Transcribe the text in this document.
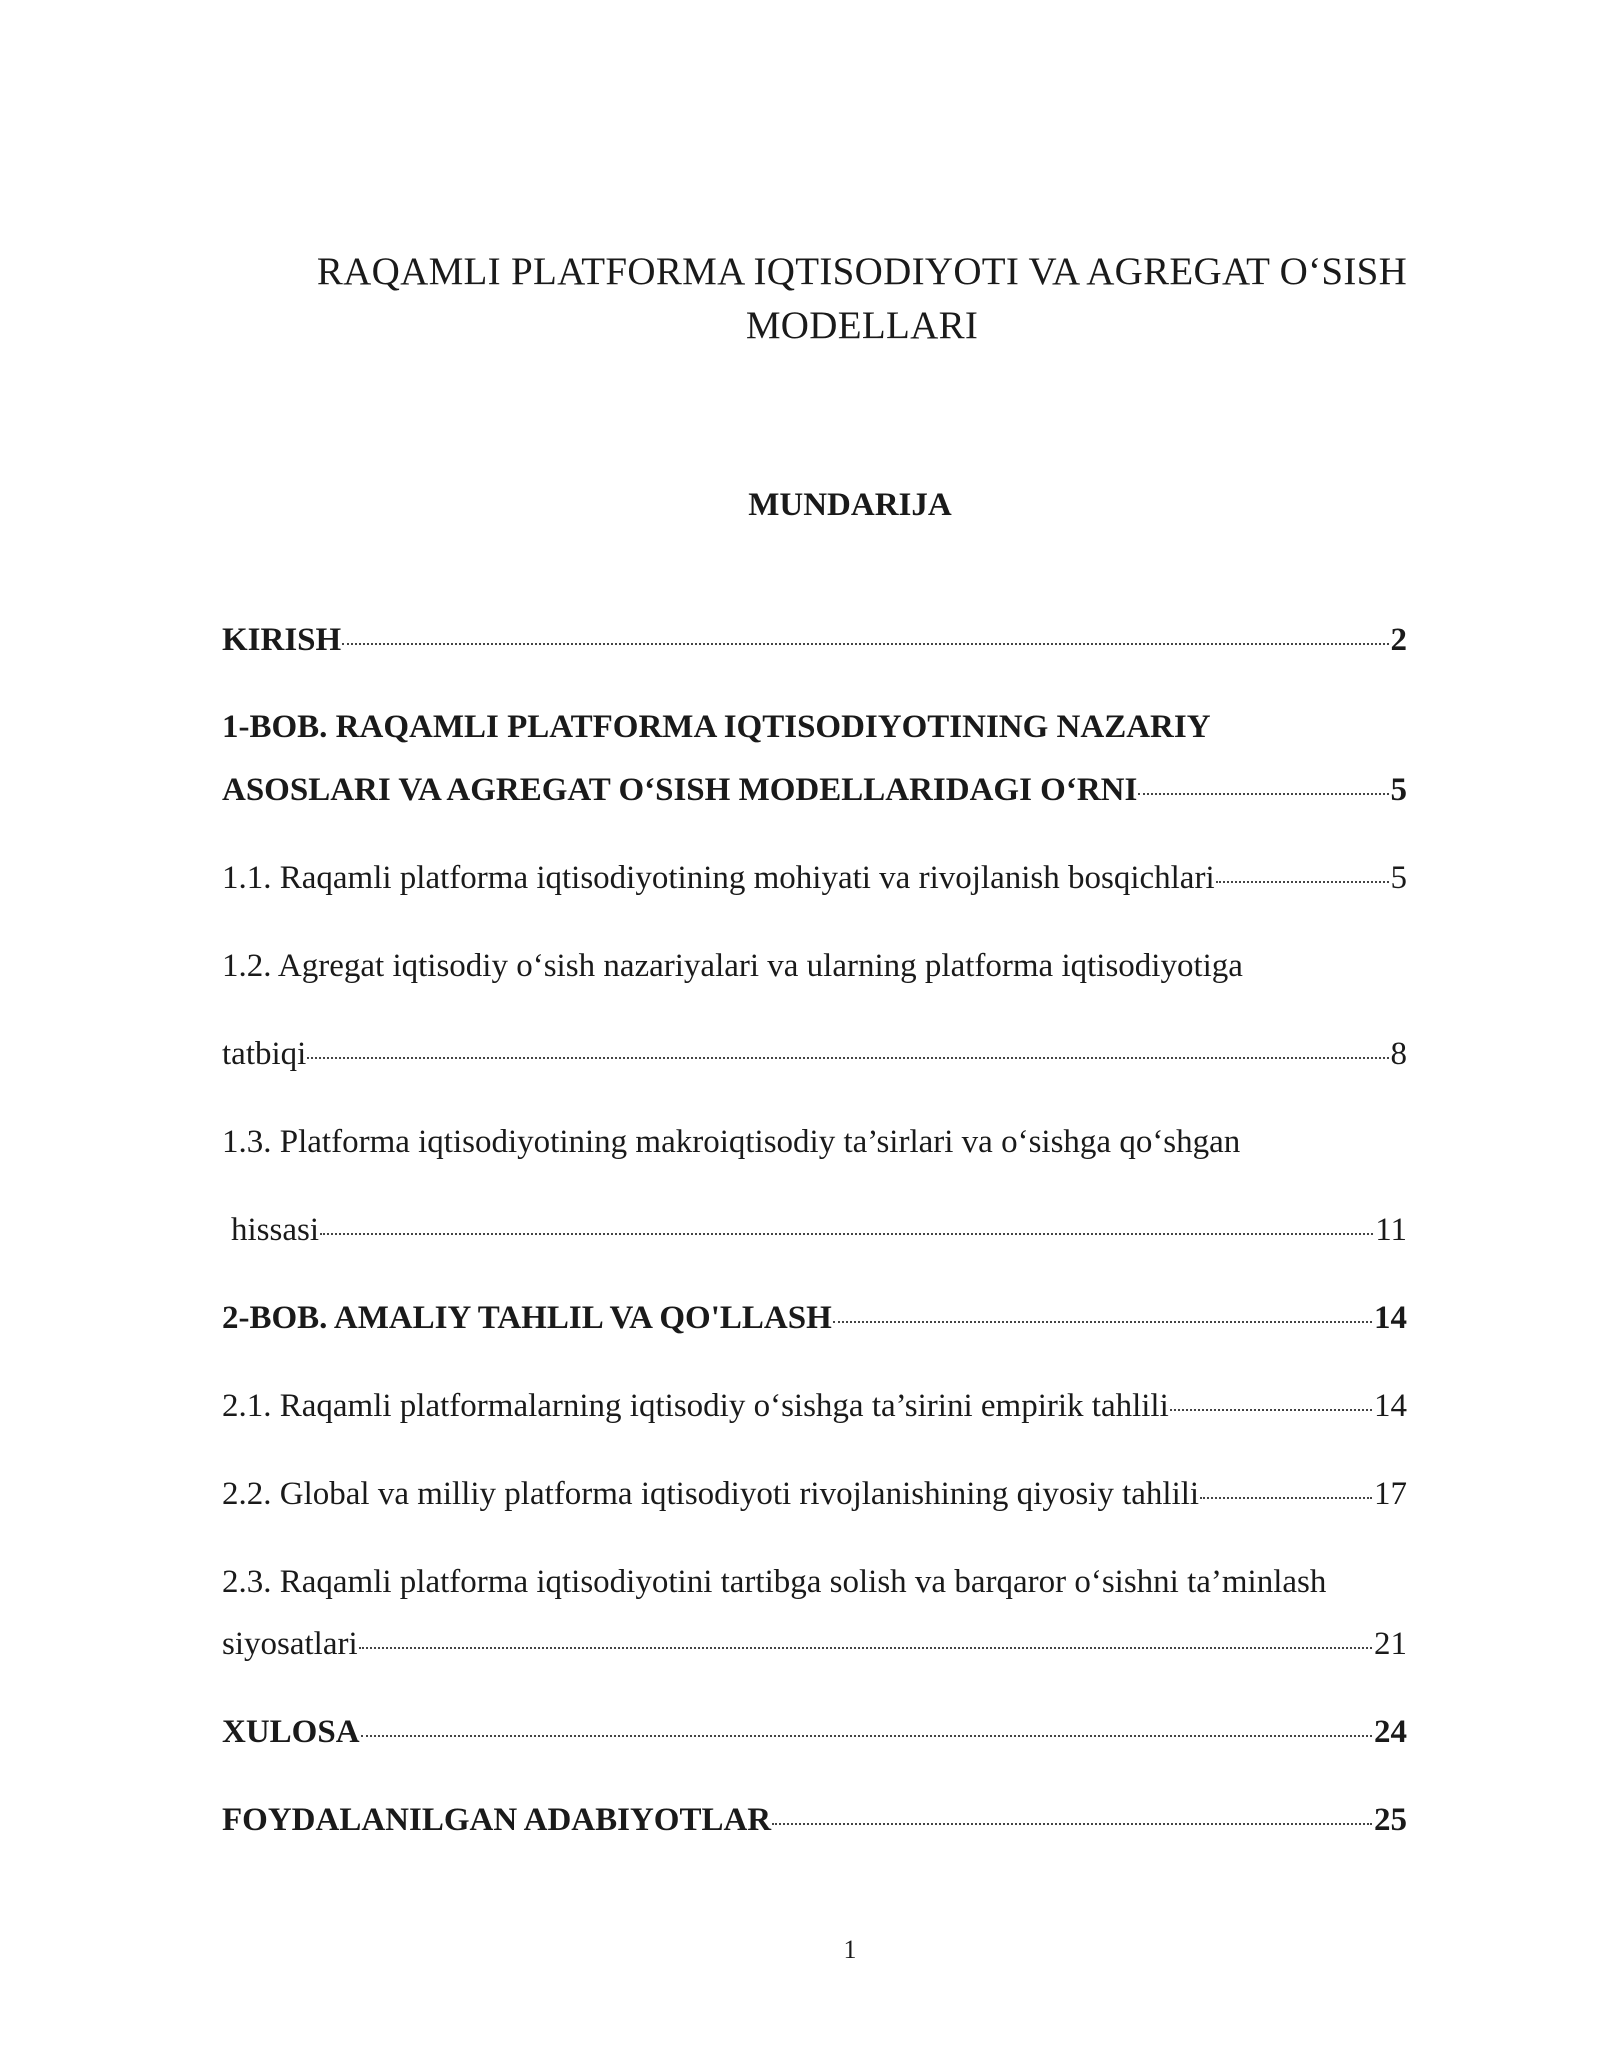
RAQAMLI PLATFORMA IQTISODIYOTI VA AGREGAT O‘SISH
MODELLARI
MUNDARIJA
KIRISH	2
1-BOB. RAQAMLI PLATFORMA IQTISODIYOTINING NAZARIY
ASOSLARI VA AGREGAT O‘SISH MODELLARIDAGI O‘RNI	5
1.1. Raqamli platforma iqtisodiyotining mohiyati va rivojlanish bosqichlari	5
1.2. Agregat iqtisodiy o‘sish nazariyalari va ularning platforma iqtisodiyotiga
tatbiqi	8
1.3. Platforma iqtisodiyotining makroiqtisodiy ta’sirlari va o‘sishga qo‘shgan
hissasi	11
2-BOB. AMALIY TAHLIL VA QO'LLASH	14
2.1. Raqamli platformalarning iqtisodiy o‘sishga ta’sirini empirik tahlili	14
2.2. Global va milliy platforma iqtisodiyoti rivojlanishining qiyosiy tahlili	17
2.3. Raqamli platforma iqtisodiyotini tartibga solish va barqaror o‘sishni ta’minlash
siyosatlari	21
XULOSA	24
FOYDALANILGAN ADABIYOTLAR	25
1
